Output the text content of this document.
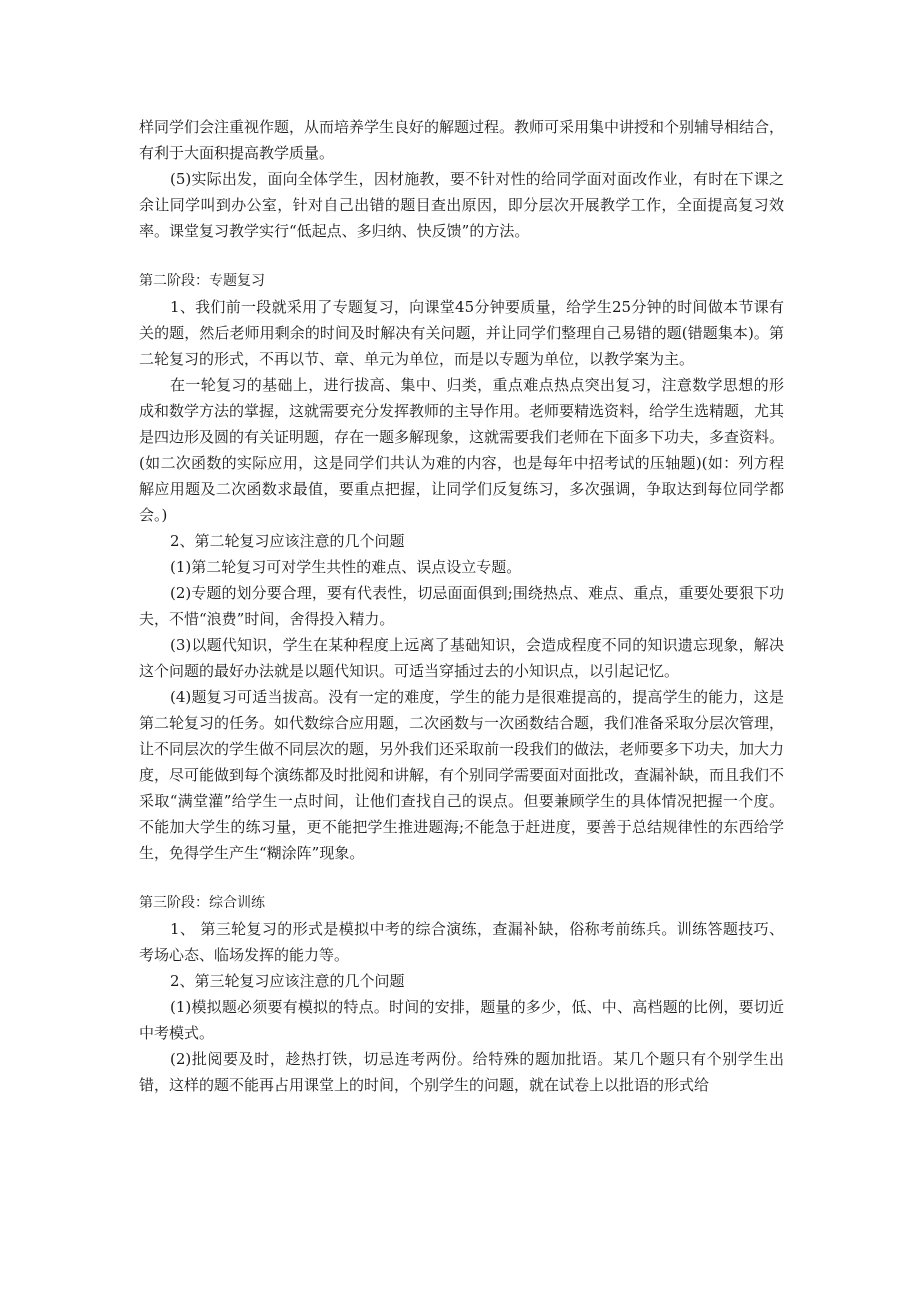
样同学们会注重视作题，从而培养学生良好的解题过程。教师可采用集中讲授和个别辅导相结合，有利于大面积提高教学质量。

(5)实际出发，面向全体学生，因材施教，要不针对性的给同学面对面改作业，有时在下课之余让同学叫到办公室，针对自己出错的题目查出原因，即分层次开展教学工作，全面提高复习效率。课堂复习教学实行“低起点、多归纳、快反馈”的方法。

第二阶段：专题复习

1、我们前一段就采用了专题复习，向课堂45分钟要质量，给学生25分钟的时间做本节课有关的题，然后老师用剩余的时间及时解决有关问题，并让同学们整理自己易错的题(错题集本)。第二轮复习的形式，不再以节、章、单元为单位，而是以专题为单位，以教学案为主。

在一轮复习的基础上，进行拔高、集中、归类，重点难点热点突出复习，注意数学思想的形成和数学方法的掌握，这就需要充分发挥教师的主导作用。老师要精选资料，给学生选精题，尤其是四边形及圆的有关证明题，存在一题多解现象，这就需要我们老师在下面多下功夫，多查资料。(如二次函数的实际应用，这是同学们共认为难的内容，也是每年中招考试的压轴题)(如：列方程解应用题及二次函数求最值，要重点把握，让同学们反复练习，多次强调，争取达到每位同学都会。)

2、第二轮复习应该注意的几个问题

(1)第二轮复习可对学生共性的难点、误点设立专题。

(2)专题的划分要合理，要有代表性，切忌面面俱到;围绕热点、难点、重点，重要处要狠下功夫，不惜“浪费”时间，舍得投入精力。

(3)以题代知识，学生在某种程度上远离了基础知识，会造成程度不同的知识遗忘现象，解决这个问题的最好办法就是以题代知识。可适当穿插过去的小知识点，以引起记忆。

(4)题复习可适当拔高。没有一定的难度，学生的能力是很难提高的，提高学生的能力，这是第二轮复习的任务。如代数综合应用题，二次函数与一次函数结合题，我们准备采取分层次管理，让不同层次的学生做不同层次的题，另外我们还采取前一段我们的做法，老师要多下功夫，加大力度，尽可能做到每个演练都及时批阅和讲解，有个别同学需要面对面批改，查漏补缺，而且我们不采取“满堂灌”给学生一点时间，让他们查找自己的误点。但要兼顾学生的具体情况把握一个度。不能加大学生的练习量，更不能把学生推进题海;不能急于赶进度，要善于总结规律性的东西给学生，免得学生产生“糊涂阵”现象。

第三阶段：综合训练

1、 第三轮复习的形式是模拟中考的综合演练，查漏补缺，俗称考前练兵。训练答题技巧、考场心态、临场发挥的能力等。

2、第三轮复习应该注意的几个问题

(1)模拟题必须要有模拟的特点。时间的安排，题量的多少，低、中、高档题的比例，要切近中考模式。

(2)批阅要及时，趁热打铁，切忌连考两份。给特殊的题加批语。某几个题只有个别学生出错，这样的题不能再占用课堂上的时间，个别学生的问题，就在试卷上以批语的形式给
